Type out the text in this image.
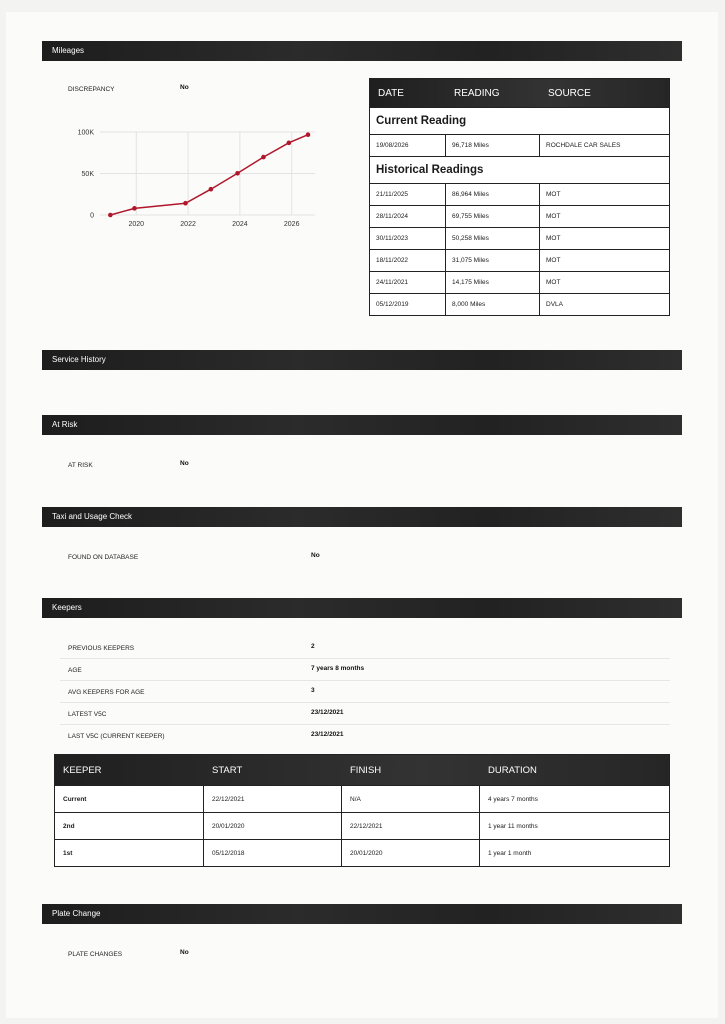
Mileages
DISCREPANCY	No
0
50K
100K
2020	2022	2024	2026
DATE	READING	SOURCE
Current Reading
19/08/2026	96,718 Miles	ROCHDALE CAR SALES
Historical Readings
21/11/2025	86,964 Miles	MOT
28/11/2024	69,755 Miles	MOT
30/11/2023	50,258 Miles	MOT
18/11/2022	31,075 Miles	MOT
24/11/2021	14,175 Miles	MOT
05/12/2019	8,000 Miles	DVLA
Service History
At Risk
AT RISK	No
Taxi and Usage Check
FOUND ON DATABASE	No
Keepers
PREVIOUS KEEPERS	2
AGE	7 years 8 months
AVG KEEPERS FOR AGE	3
LATEST V5C	23/12/2021
LAST V5C (CURRENT KEEPER)	23/12/2021
KEEPER	START	FINISH	DURATION
Current	22/12/2021	N/A	4 years 7 months
2nd	20/01/2020	22/12/2021	1 year 11 months
1st	05/12/2018	20/01/2020	1 year 1 month
Plate Change
PLATE CHANGES	No
